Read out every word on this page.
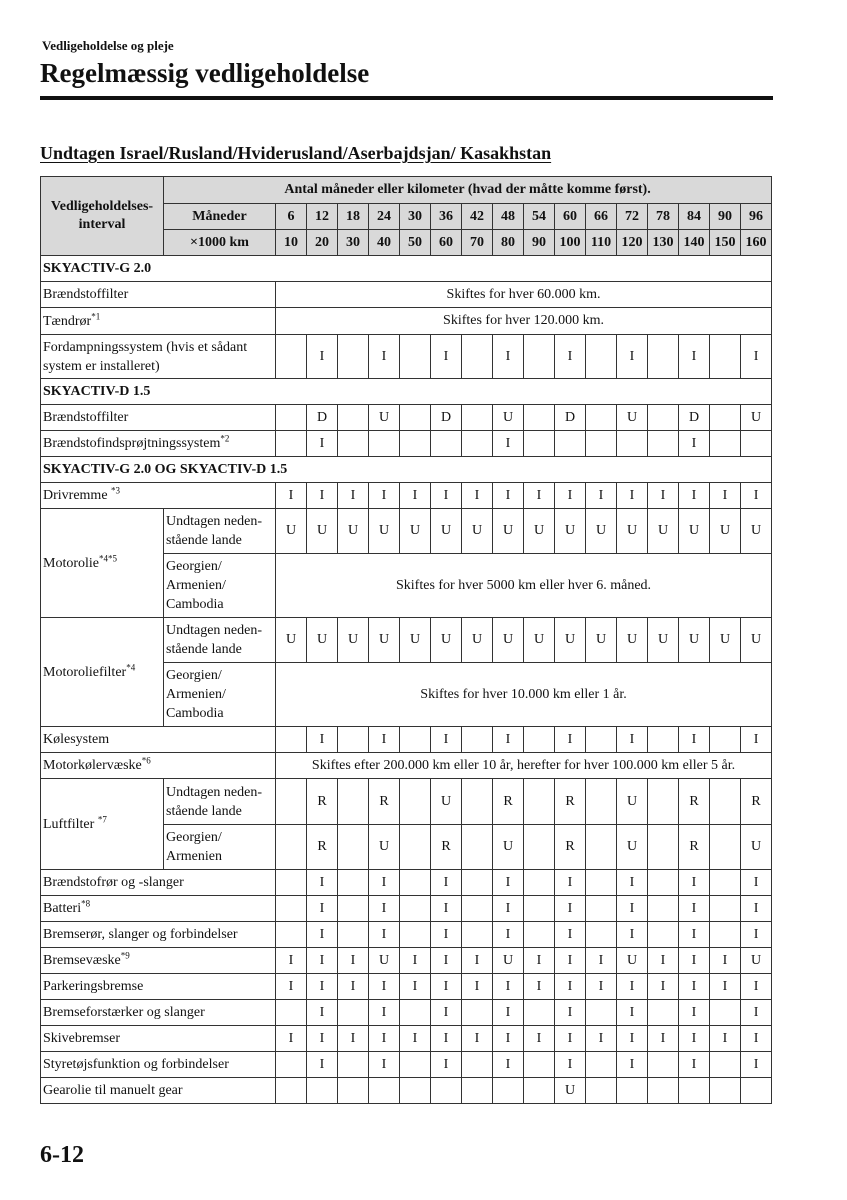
Vedligeholdelse og pleje
Regelmæssig vedligeholdelse
Undtagen Israel/Rusland/Hviderusland/Aserbajdsjan/ Kasakhstan
Vedligeholdelses-interval	Antal måneder eller kilometer (hvad der måtte komme først).																
	Måneder	6	12	18	24	30	36	42	48	54	60	66	72	78	84	90	96
	×1000 km	10	20	30	40	50	60	70	80	90	100	110	120	130	140	150	160
SKYACTIV-G 2.0																	
Brændstoffilter		Skiftes for hver 60.000 km.															
Tændrør$^{*1}$		Skiftes for hver 120.000 km.															
Fordampningssystem (hvis et sådant system er installeret)			I		I		I		I		I		I		I		I
SKYACTIV-D 1.5																	
Brændstoffilter			D		U		D		U		D		U		D		U
Brændstofindsprøjtningssystem$^{*2}$			I						I						I		
SKYACTIV-G 2.0 OG SKYACTIV-D 1.5																	
Drivremme $^{*3}$		I	I	I	I	I	I	I	I	I	I	I	I	I	I	I	I
Motorolie$^{*4*5}$	Undtagen neden-stående lande	U	U	U	U	U	U	U	U	U	U	U	U	U	U	U	U
	Georgien/ Armenien/ Cambodia	Skiftes for hver 5000 km eller hver 6. måned.															
Motoroliefilter$^{*4}$	Undtagen neden-stående lande	U	U	U	U	U	U	U	U	U	U	U	U	U	U	U	U
	Georgien/ Armenien/ Cambodia	Skiftes for hver 10.000 km eller 1 år.															
Kølesystem			I		I		I		I		I		I		I		I
Motorkølervæske$^{*6}$		Skiftes efter 200.000 km eller 10 år, herefter for hver 100.000 km eller 5 år.															
Luftfilter $^{*7}$	Undtagen neden-stående lande		R		R		U		R		R		U		R		R
	Georgien/ Armenien		R		U		R		U		R		U		R		U
Brændstofrør og -slanger			I		I		I		I		I		I		I		I
Batteri$^{*8}$			I		I		I		I		I		I		I		I
Bremserør, slanger og forbindelser			I		I		I		I		I		I		I		I
Bremsevæske$^{*9}$		I	I	I	U	I	I	I	U	I	I	I	U	I	I	I	U
Parkeringsbremse		I	I	I	I	I	I	I	I	I	I	I	I	I	I	I	I
Bremseforstærker og slanger			I		I		I		I		I		I		I		I
Skivebremser		I	I	I	I	I	I	I	I	I	I	I	I	I	I	I	I
Styretøjsfunktion og forbindelser			I		I		I		I		I		I		I		I
Gearolie til manuelt gear											U						
6-12
